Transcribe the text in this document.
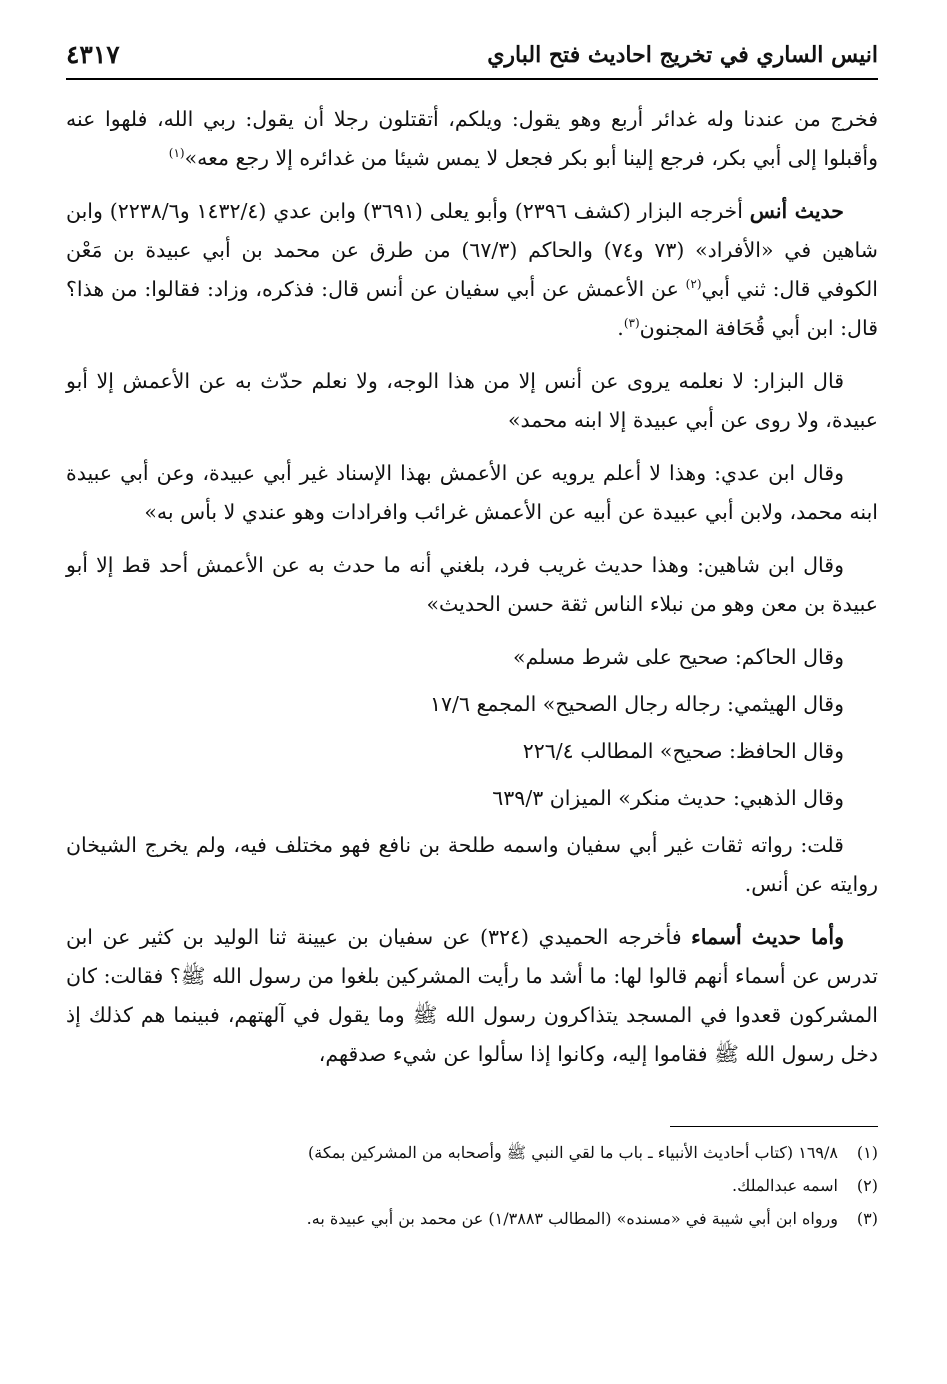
انيس الساري في تخريج احاديث فتح الباري
٤٣١٧

فخرج من عندنا وله غدائر أربع وهو يقول: ويلكم، أتقتلون رجلا أن يقول: ربي الله، فلهوا عنه وأقبلوا إلى أبي بكر، فرجع إلينا أبو بكر فجعل لا يمس شيئا من غدائره إلا رجع معه»$^{(١)}$

حديث أنس أخرجه البزار (كشف ٢٣٩٦) وأبو يعلى (٣٦٩١) وابن عدي (١٤٣٢/٤ و٢٢٣٨/٦) وابن شاهين في «الأفراد» (٧٣ و٧٤) والحاكم (٦٧/٣) من طرق عن محمد بن أبي عبيدة بن مَعْن الكوفي قال: ثني أبي$^{(٢)}$ عن الأعمش عن أبي سفيان عن أنس قال: فذكره، وزاد: فقالوا: من هذا؟ قال: ابن أبي قُحَافة المجنون$^{(٣)}$.

قال البزار: لا نعلمه يروى عن أنس إلا من هذا الوجه، ولا نعلم حدّث به عن الأعمش إلا أبو عبيدة، ولا روى عن أبي عبيدة إلا ابنه محمد»

وقال ابن عدي: وهذا لا أعلم يرويه عن الأعمش بهذا الإسناد غير أبي عبيدة، وعن أبي عبيدة ابنه محمد، ولابن أبي عبيدة عن أبيه عن الأعمش غرائب وافرادات وهو عندي لا بأس به»

وقال ابن شاهين: وهذا حديث غريب فرد، بلغني أنه ما حدث به عن الأعمش أحد قط إلا أبو عبيدة بن معن وهو من نبلاء الناس ثقة حسن الحديث»

وقال الحاكم: صحيح على شرط مسلم»

وقال الهيثمي: رجاله رجال الصحيح» المجمع ١٧/٦

وقال الحافظ: صحيح» المطالب ٢٢٦/٤

وقال الذهبي: حديث منكر» الميزان ٦٣٩/٣

قلت: رواته ثقات غير أبي سفيان واسمه طلحة بن نافع فهو مختلف فيه، ولم يخرج الشيخان روايته عن أنس.

وأما حديث أسماء فأخرجه الحميدي (٣٢٤) عن سفيان بن عيينة ثنا الوليد بن كثير عن ابن تدرس عن أسماء أنهم قالوا لها: ما أشد ما رأيت المشركين بلغوا من رسول الله ﷺ؟ فقالت: كان المشركون قعدوا في المسجد يتذاكرون رسول الله ﷺ وما يقول في آلهتهم، فبينما هم كذلك إذ دخل رسول الله ﷺ فقاموا إليه، وكانوا إذا سألوا عن شيء صدقهم،

(١)١٦٩/٨ (كتاب أحاديث الأنبياء ـ باب ما لقي النبي ﷺ وأصحابه من المشركين بمكة)
(٢)اسمه عبدالملك.
(٣)ورواه ابن أبي شيبة في «مسنده» (المطالب ١/٣٨٨٣) عن محمد بن أبي عبيدة به.
